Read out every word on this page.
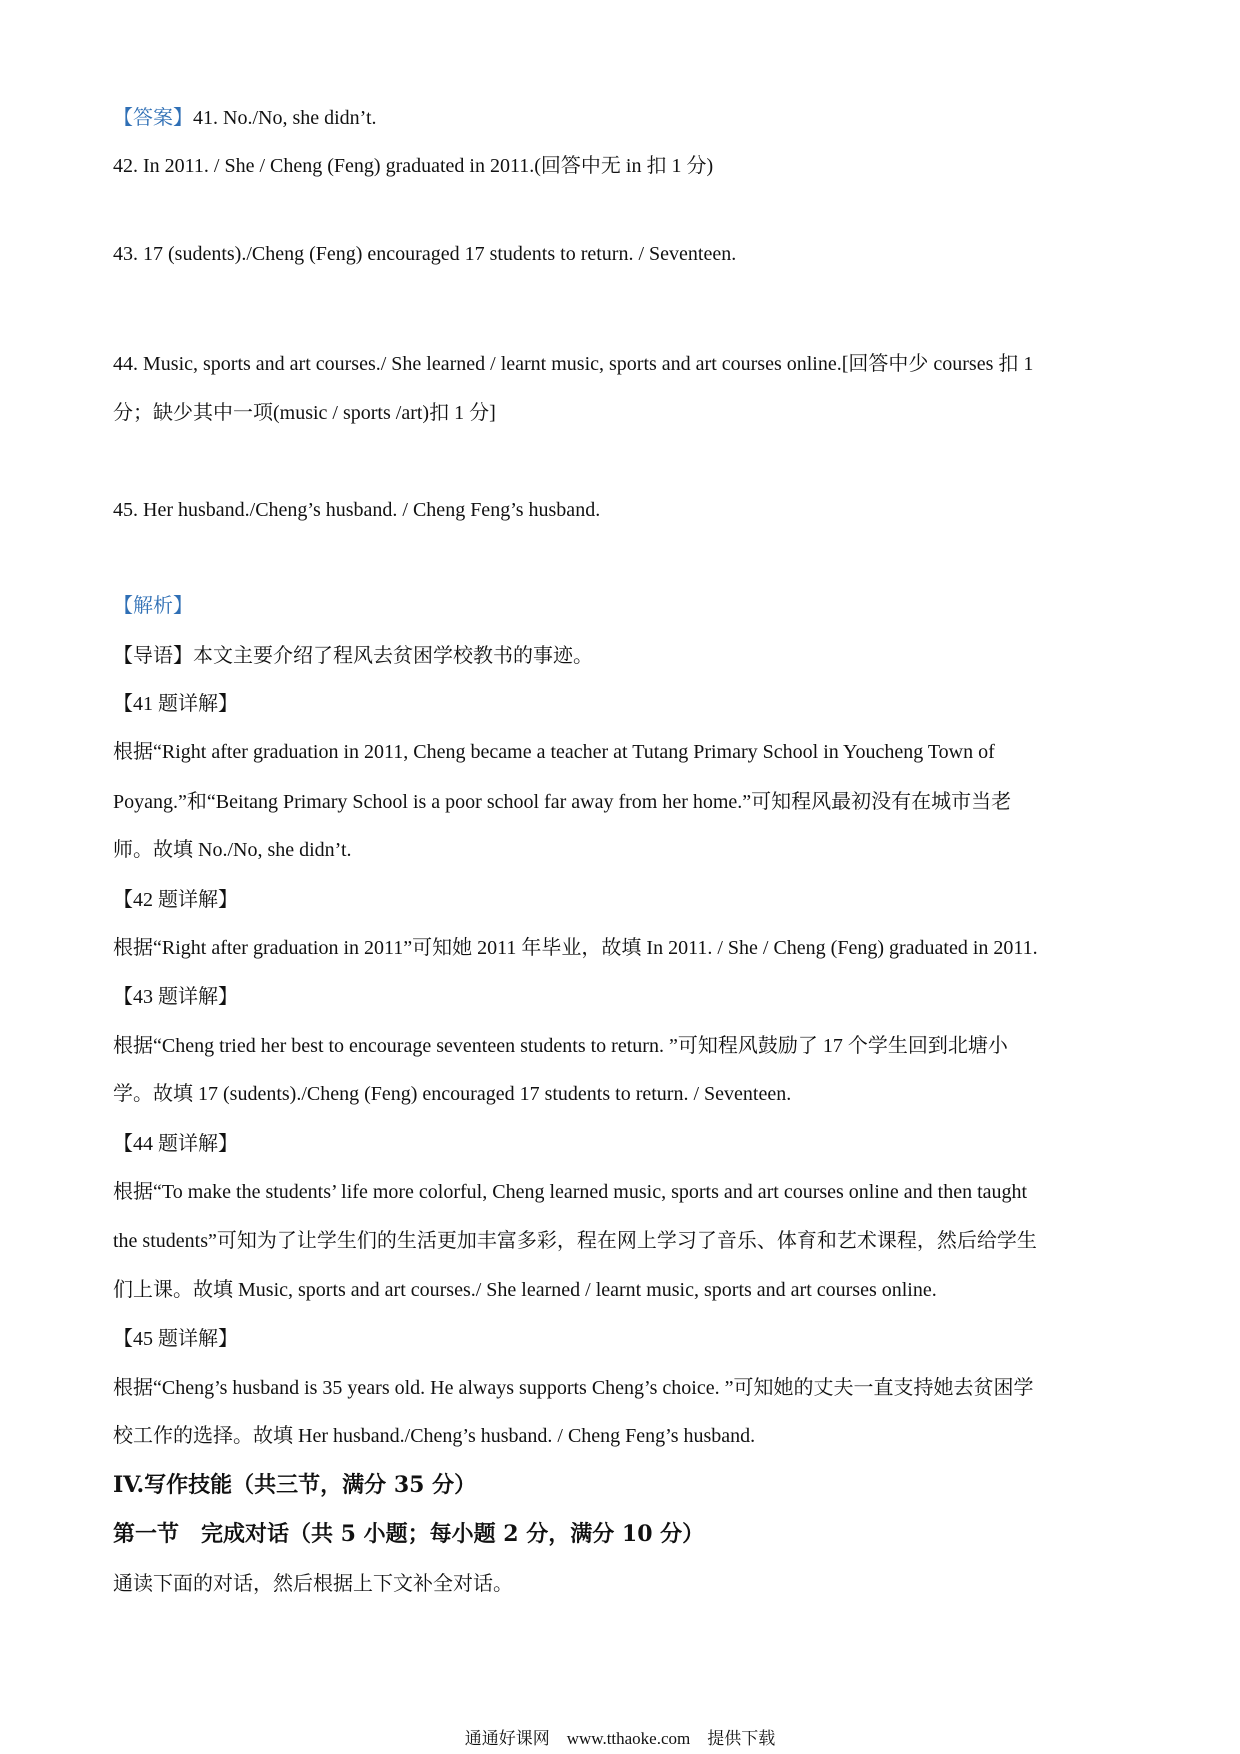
【答案】41. No./No, she didn’t.
42. In 2011. / She / Cheng (Feng) graduated in 2011.(回答中无 in 扣 1 分)
43. 17 (sudents)./Cheng (Feng) encouraged 17 students to return. / Seventeen.
44. Music, sports and art courses./ She learned / learnt music, sports and art courses online.[回答中少 courses 扣 1
分；缺少其中一项(music / sports /art)扣 1 分]
45. Her husband./Cheng’s husband. / Cheng Feng’s husband.
【解析】
【导语】本文主要介绍了程风去贫困学校教书的事迹。
【41 题详解】
根据“Right after graduation in 2011, Cheng became a teacher at Tutang Primary School in Youcheng Town of
Poyang.”和“Beitang Primary School is a poor school far away from her home.”可知程风最初没有在城市当老
师。故填 No./No, she didn’t.
【42 题详解】
根据“Right after graduation in 2011”可知她 2011 年毕业，故填 In 2011. / She / Cheng (Feng) graduated in 2011.
【43 题详解】
根据“Cheng tried her best to encourage seventeen students to return. ”可知程风鼓励了 17 个学生回到北塘小
学。故填 17 (sudents)./Cheng (Feng) encouraged 17 students to return. / Seventeen.
【44 题详解】
根据“To make the students’ life more colorful, Cheng learned music, sports and art courses online and then taught
the students”可知为了让学生们的生活更加丰富多彩，程在网上学习了音乐、体育和艺术课程，然后给学生
们上课。故填 Music, sports and art courses./ She learned / learnt music, sports and art courses online.
【45 题详解】
根据“Cheng’s husband is 35 years old. He always supports Cheng’s choice. ”可知她的丈夫一直支持她去贫困学
校工作的选择。故填 Her husband./Cheng’s husband. / Cheng Feng’s husband.
IV.写作技能（共三节，满分 35 分）
第一节　完成对话（共 5 小题；每小题 2 分，满分 10 分）
通读下面的对话，然后根据上下文补全对话。
通通好课网　www.tthaoke.com　提供下载
